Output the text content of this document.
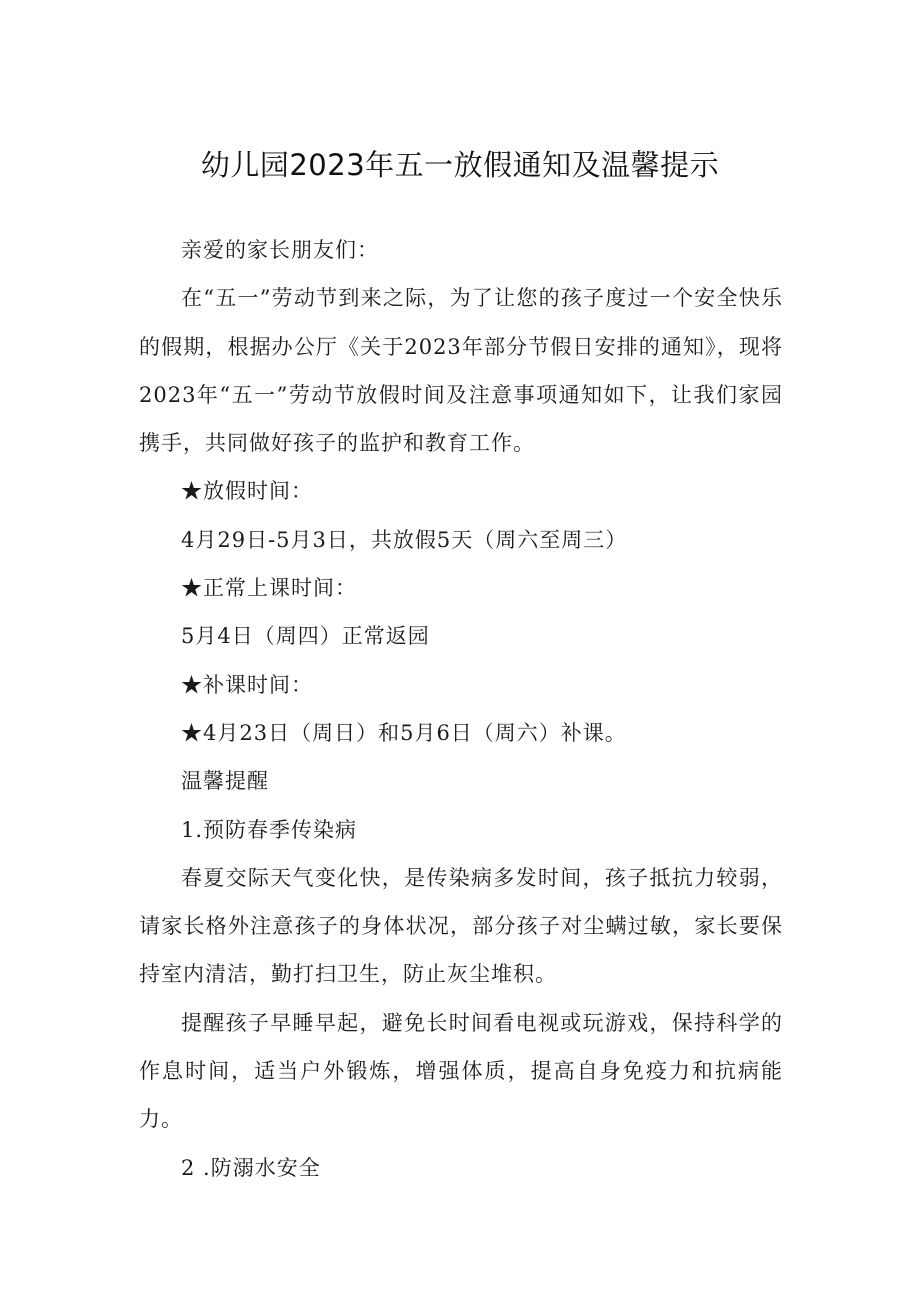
幼儿园2023年五一放假通知及温馨提示

亲爱的家长朋友们：

在“五一”劳动节到来之际，为了让您的孩子度过一个安全快乐的假期，根据办公厅《关于2023年部分节假日安排的通知》，现将2023年“五一”劳动节放假时间及注意事项通知如下，让我们家园携手，共同做好孩子的监护和教育工作。

★放假时间：

4月29日-5月3日，共放假5天（周六至周三）

★正常上课时间：

5月4日（周四）正常返园

★补课时间：

★4月23日（周日）和5月6日（周六）补课。

温馨提醒

1.预防春季传染病

春夏交际天气变化快，是传染病多发时间，孩子抵抗力较弱，请家长格外注意孩子的身体状况，部分孩子对尘螨过敏，家长要保持室内清洁，勤打扫卫生，防止灰尘堆积。

提醒孩子早睡早起，避免长时间看电视或玩游戏，保持科学的作息时间，适当户外锻炼，增强体质，提高自身免疫力和抗病能力。

2 .防溺水安全
